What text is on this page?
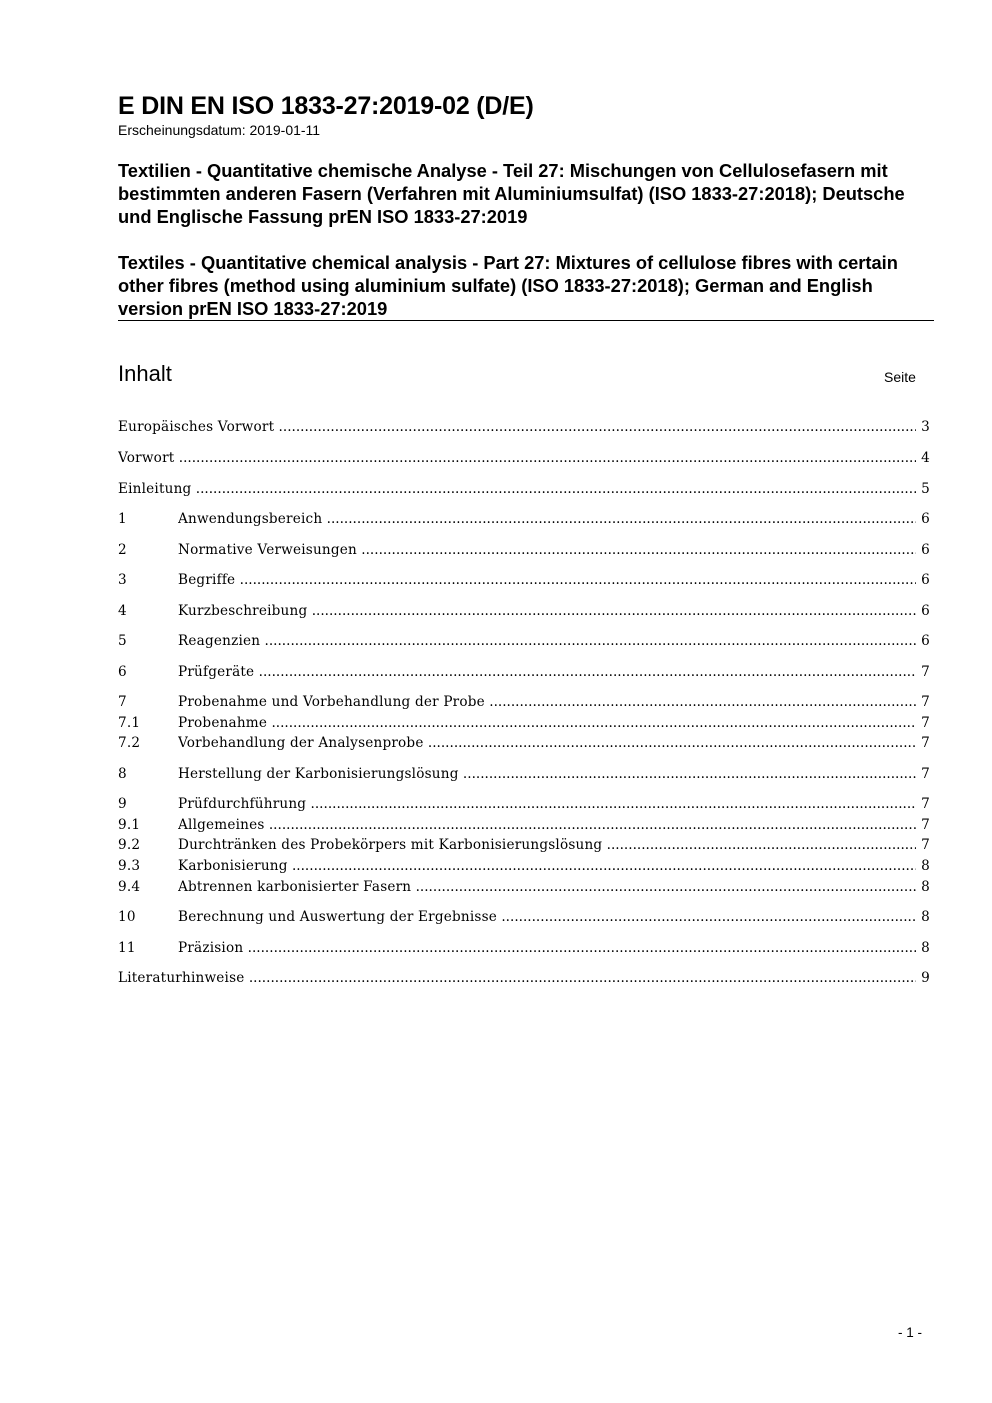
E DIN EN ISO 1833-27:2019-02 (D/E)
Erscheinungsdatum: 2019-01-11
Textilien - Quantitative chemische Analyse - Teil 27: Mischungen von Cellulosefasern mit bestimmten anderen Fasern (Verfahren mit Aluminiumsulfat) (ISO 1833-27:2018); Deutsche und Englische Fassung prEN ISO 1833-27:2019
Textiles - Quantitative chemical analysis - Part 27: Mixtures of cellulose fibres with certain other fibres (method using aluminium sulfate) (ISO 1833-27:2018); German and English version prEN ISO 1833-27:2019
Inhalt	Seite
Europäisches Vorwort .....	3
Vorwort .....	4
Einleitung .....	5
1	Anwendungsbereich .....	6
2	Normative Verweisungen .....	6
3	Begriffe .....	6
4	Kurzbeschreibung .....	6
5	Reagenzien .....	6
6	Prüfgeräte .....	7
7	Probenahme und Vorbehandlung der Probe .....	7
7.1	Probenahme .....	7
7.2	Vorbehandlung der Analysenprobe .....	7
8	Herstellung der Karbonisierungslösung .....	7
9	Prüfdurchführung .....	7
9.1	Allgemeines .....	7
9.2	Durchtränken des Probekörpers mit Karbonisierungslösung .....	7
9.3	Karbonisierung .....	8
9.4	Abtrennen karbonisierter Fasern .....	8
10	Berechnung und Auswertung der Ergebnisse .....	8
11	Präzision .....	8
Literaturhinweise .....	9
- 1 -
